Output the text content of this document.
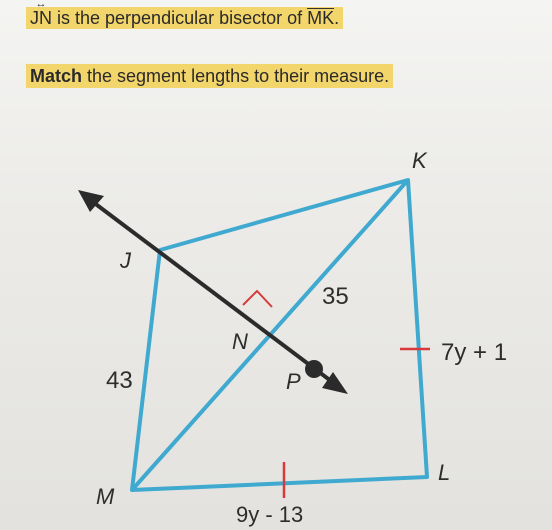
↔
JN is the perpendicular bisector of MK.
Match the segment lengths to their measure.
J
K
M
L
N
P
35
43
7y + 1
9y - 13
